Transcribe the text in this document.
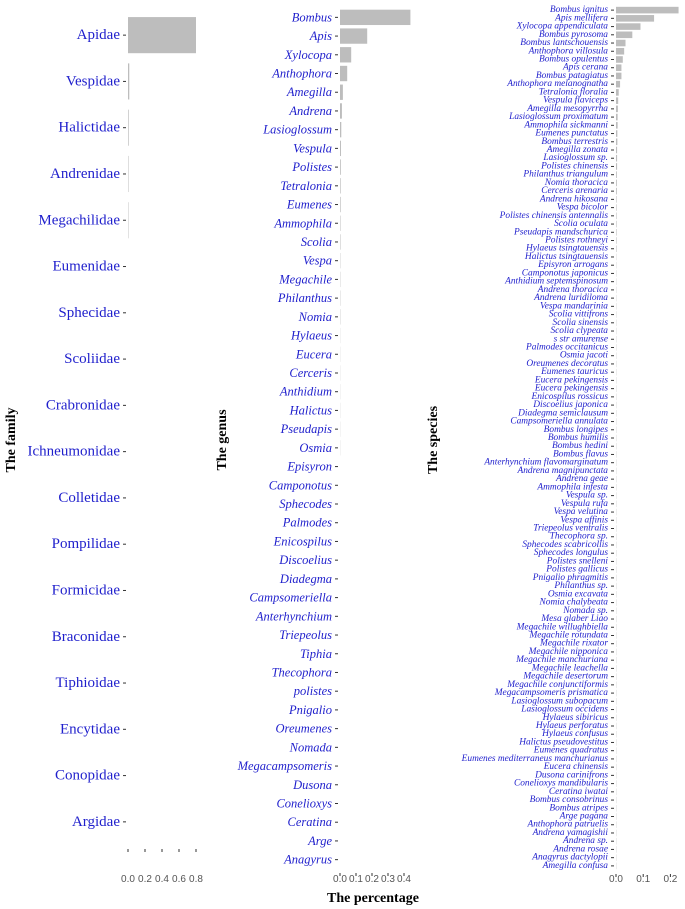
Apidae
Vespidae
Halictidae
Andrenidae
Megachilidae
Eumenidae
Sphecidae
Scoliidae
Crabronidae
Ichneumonidae
Colletidae
Pompilidae
Formicidae
Braconidae
Tiphioidae
Encytidae
Conopidae
Argidae
0.0 0.2 0.4 0.6 0.8
The family
Bombus
Apis
Xylocopa
Anthophora
Amegilla
Andrena
Lasioglossum
Vespula
Polistes
Tetralonia
Eumenes
Ammophila
Scolia
Vespa
Megachile
Philanthus
Nomia
Hylaeus
Eucera
Cerceris
Anthidium
Halictus
Pseudapis
Osmia
Episyron
Camponotus
Sphecodes
Palmodes
Enicospilus
Discoelius
Diadegma
Campsomeriella
Anterhynchium
Triepeolus
Tiphia
Thecophora
polistes
Pnigalio
Oreumenes
Nomada
Megacampsomeris
Dusona
Conelioxys
Ceratina
Arge
Anagyrus
0.0 0.1 0.2 0.3 0.4
The genus
The percentage
Bombus ignitus
Apis mellifera
Xylocopa appendiculata
Bombus pyrosoma
Bombus lantschouensis
Anthophora villosula
Bombus opulentus
Apis cerana
Bombus patagiatus
Anthophora melanognatha
Tetralonia floralia
Vespula flaviceps
Amegilla mesopyrrha
Lasioglossum proximatum
Ammophila sickmanni
Eumenes punctatus
Bombus terrestris
Amegilla zonata
Lasioglossum sp.
Polistes chinensis
Philanthus triangulum
Nomia thoracica
Cerceris arenaria
Andrena hikosana
Vespa bicolor
Polistes chinensis antennalis
Scolia oculata
Pseudapis mandschurica
Polistes rothneyi
Hylaeus tsingtauensis
Halictus tsingtauensis
Episyron arrogans
Camponotus japonicus
Anthidium septemspinosum
Andrena thoracica
Andrena luridiloma
Vespa mandarinia
Scolia vittifrons
Scolia sinensis
Scolia clypeata
s str amurense
Palmodes occitanicus
Osmia jacoti
Oreumenes decoratus
Eumenes tauricus
Eucera pekingensis
Eucera pekingensis
Enicospilus rossicus
Discoelius japonica
Diadegma semiclausum
Campsomeriella annulata
Bombus longipes
Bombus humilis
Bombus hedini
Bombus flavus
Anterhynchium flavomarginatum
Andrena magnipunctata
Andrena geae
Ammophila infesta
Vespula sp.
Vespula rufa
Vespa velutina
Vespa affinis
Triepeolus ventralis
Thecophora sp.
Sphecodes scabricollis
Sphecodes longulus
Polistes snelleni
Polistes gallicus
Pnigalio phragmitis
Philanthus sp.
Osmia excavata
Nomia chalybeata
Nomada sp.
Mesa glaber Liao
Megachile willughbiella
Megachile rotundata
Megachile rixator
Megachile nipponica
Megachile manchuriana
Megachile leachella
Megachile desertorum
Megachile conjunctiformis
Megacampsomeris prismatica
Lasioglossum subopacum
Lasioglossum occidens
Hylaeus sibiricus
Hylaeus perforatus
Hylaeus confusus
Halictus pseudovestitus
Eumenes quadratus
Eumenes mediterraneus manchurianus
Eucera chinensis
Dusona carinifrons
Conelioxys mandibularis
Ceratina iwatai
Bombus consobrinus
Bombus atripes
Arge pagana
Anthophora patruelis
Andrena yamagishii
Andrena sp.
Andrena rosae
Anagyrus dactylopii
Amegilla confusa
0.0 0.1 0.2
The species
